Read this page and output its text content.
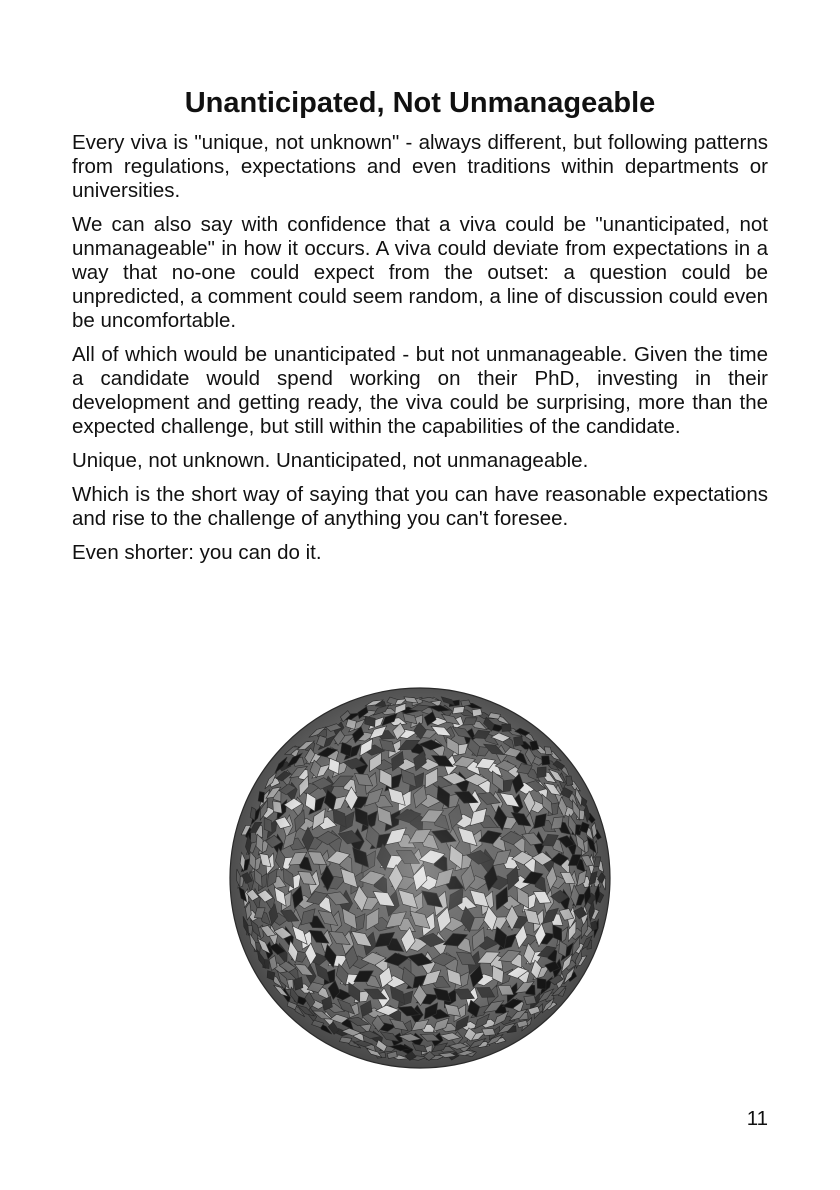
Unanticipated, Not Unmanageable

Every viva is "unique, not unknown" - always different, but following patterns from regulations, expectations and even traditions within departments or universities.

We can also say with confidence that a viva could be "unanticipated, not unmanageable" in how it occurs. A viva could deviate from expectations in a way that no-one could expect from the outset: a question could be unpredicted, a comment could seem random, a line of discussion could even be uncomfortable.

All of which would be unanticipated - but not unmanageable. Given the time a candidate would spend working on their PhD, investing in their development and getting ready, the viva could be surprising, more than the expected challenge, but still within the capabilities of the candidate.

Unique, not unknown. Unanticipated, not unmanageable.

Which is the short way of saying that you can have reasonable expectations and rise to the challenge of anything you can't foresee.

Even shorter: you can do it.

11
